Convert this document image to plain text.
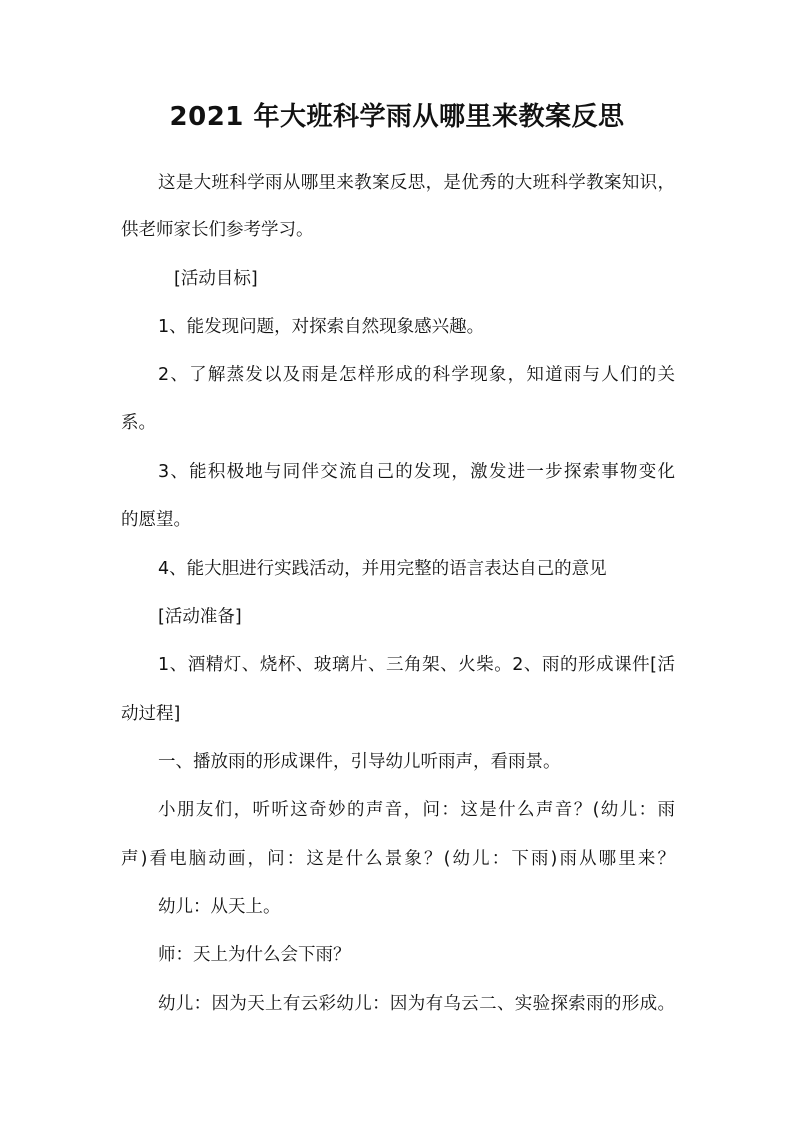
2021 年大班科学雨从哪里来教案反思
这是大班科学雨从哪里来教案反思，是优秀的大班科学教案知识，
供老师家长们参考学习。
[活动目标]
1、能发现问题，对探索自然现象感兴趣。
2、了解蒸发以及雨是怎样形成的科学现象，知道雨与人们的关
系。
3、能积极地与同伴交流自己的发现，激发进一步探索事物变化
的愿望。
4、能大胆进行实践活动，并用完整的语言表达自己的意见
[活动准备]
1、酒精灯、烧杯、玻璃片、三角架、火柴。2、雨的形成课件[活
动过程]
一、播放雨的形成课件，引导幼儿听雨声，看雨景。
小朋友们，听听这奇妙的声音，问：这是什么声音？(幼儿：雨
声)看电脑动画，问：这是什么景象？(幼儿：下雨)雨从哪里来？
幼儿：从天上。
师：天上为什么会下雨？
幼儿：因为天上有云彩幼儿：因为有乌云二、实验探索雨的形成。
